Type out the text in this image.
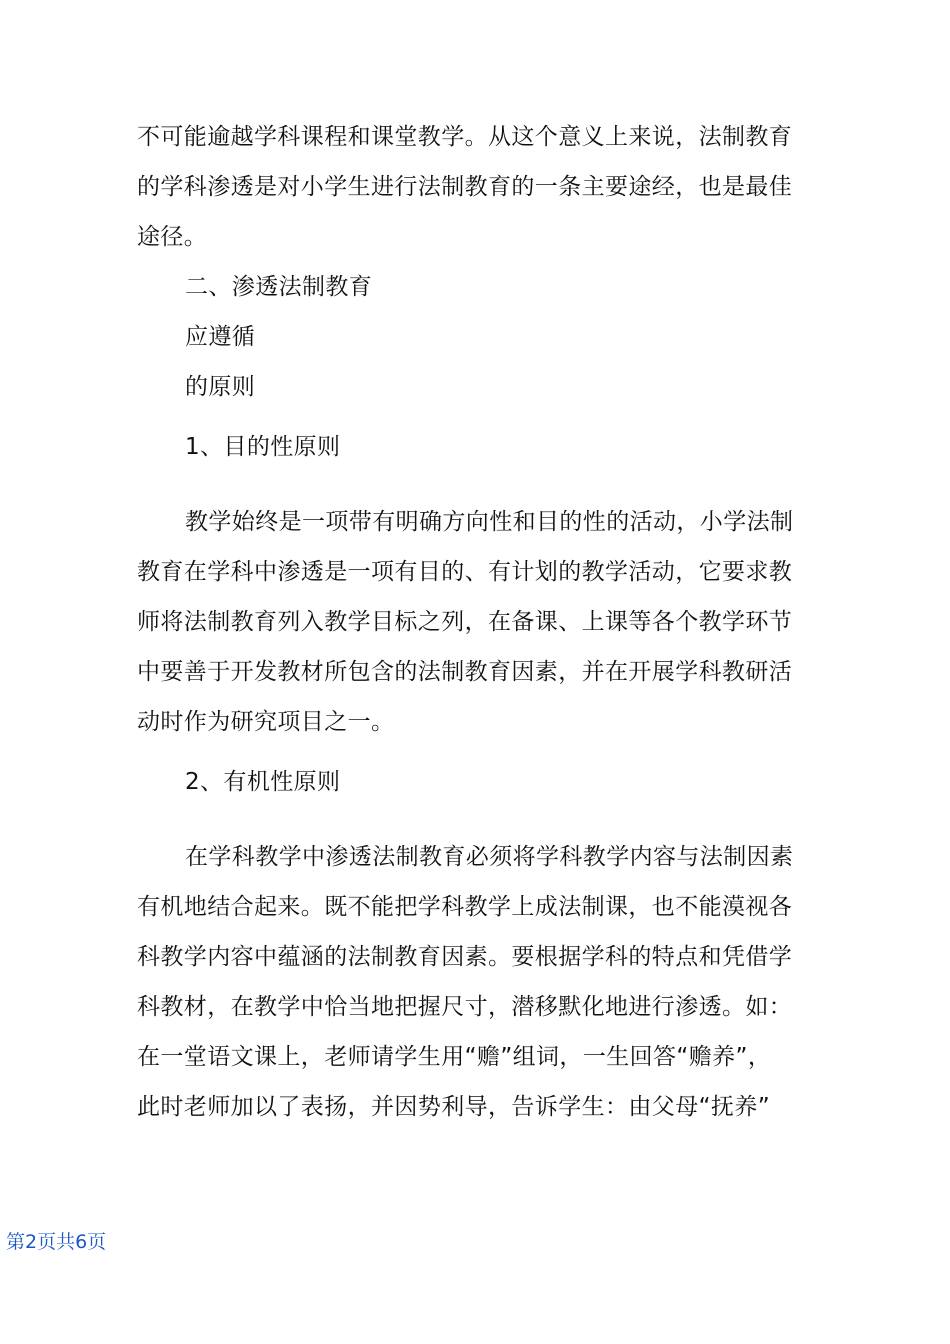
不可能逾越学科课程和课堂教学。从这个意义上来说，法制教育
的学科渗透是对小学生进行法制教育的一条主要途经，也是最佳
途径。
二、渗透法制教育
应遵循
的原则
1、目的性原则
教学始终是一项带有明确方向性和目的性的活动，小学法制
教育在学科中渗透是一项有目的、有计划的教学活动，它要求教
师将法制教育列入教学目标之列，在备课、上课等各个教学环节
中要善于开发教材所包含的法制教育因素，并在开展学科教研活
动时作为研究项目之一。
2、有机性原则
在学科教学中渗透法制教育必须将学科教学内容与法制因素
有机地结合起来。既不能把学科教学上成法制课，也不能漠视各
科教学内容中蕴涵的法制教育因素。要根据学科的特点和凭借学
科教材，在教学中恰当地把握尺寸，潜移默化地进行渗透。如：
在一堂语文课上，老师请学生用“赡”组词，一生回答“赡养”，
此时老师加以了表扬，并因势利导，告诉学生：由父母“抚养”
第2页共6页
